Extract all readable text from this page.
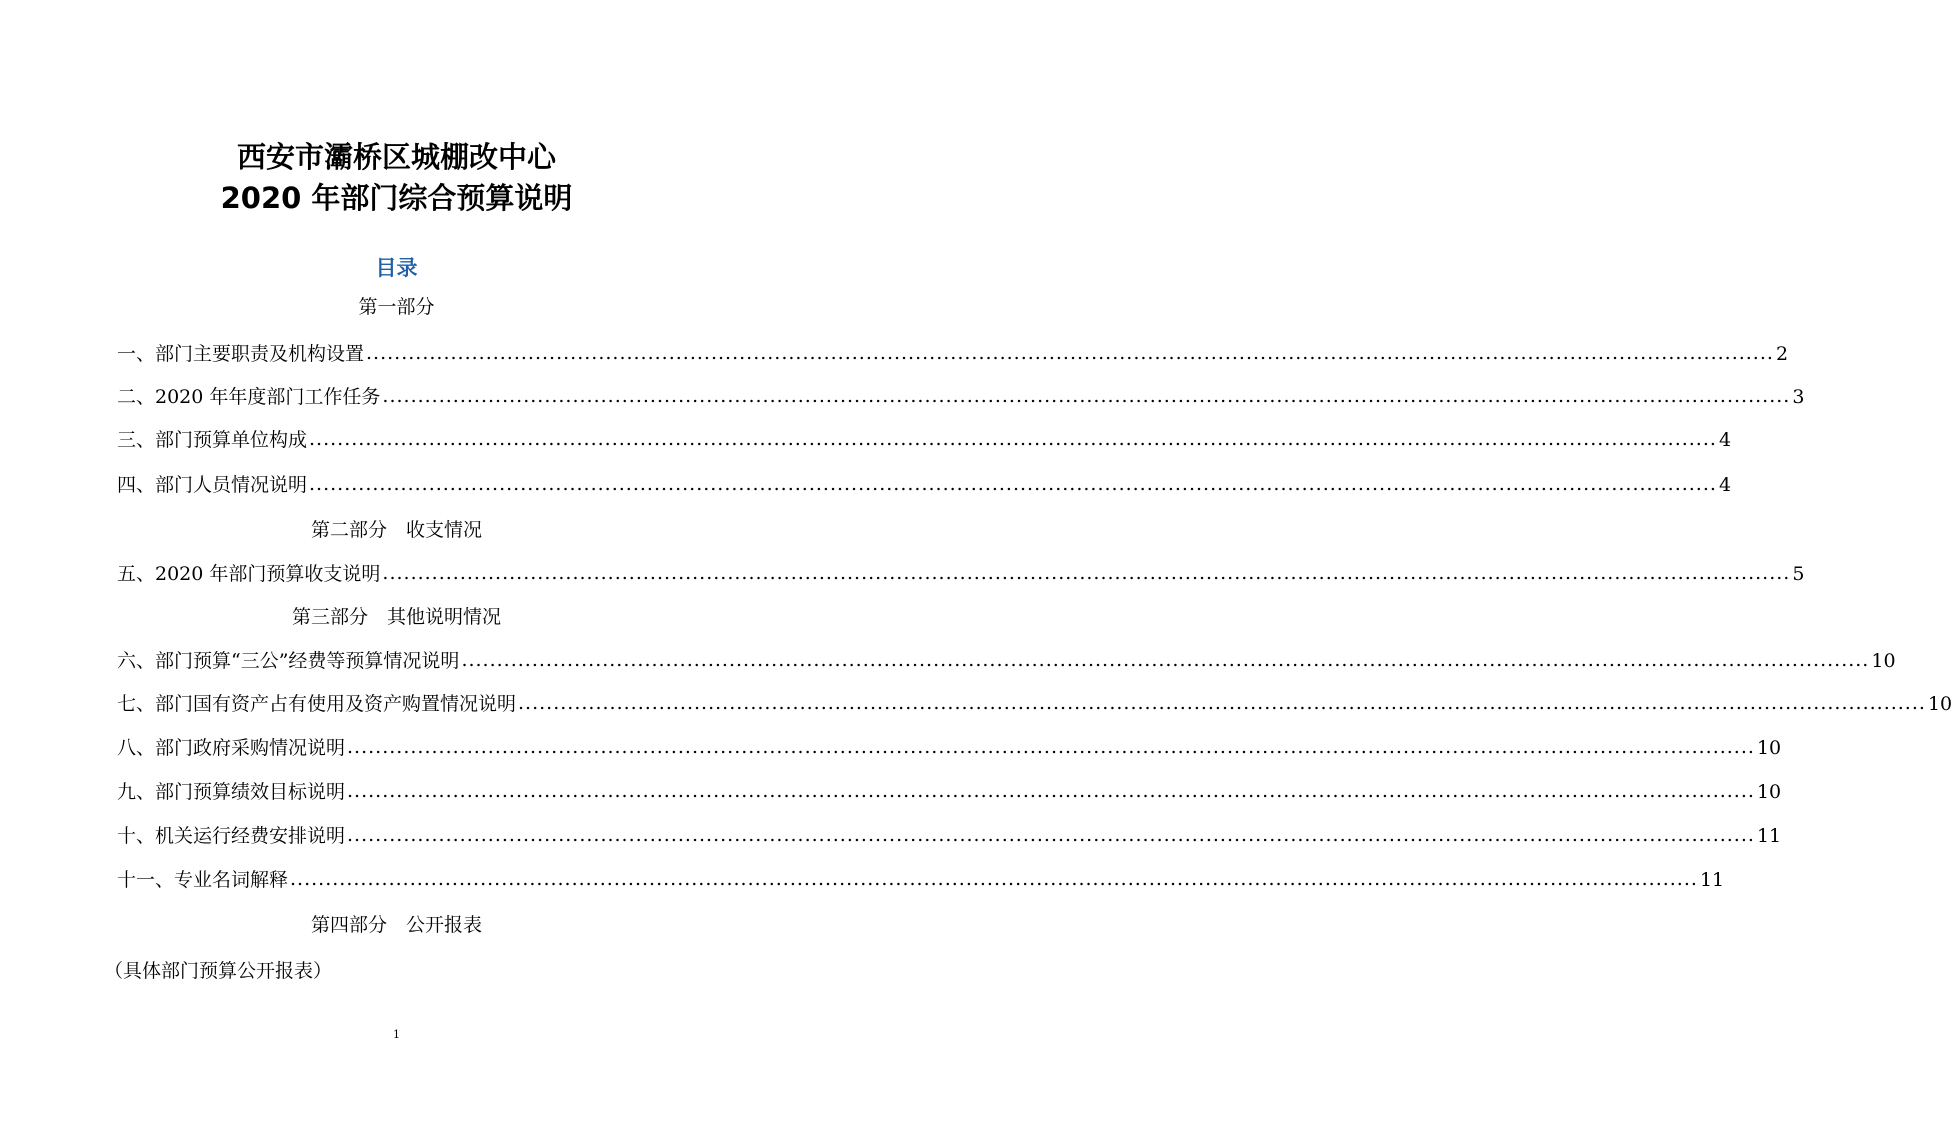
西安市灞桥区城棚改中心
2020 年部门综合预算说明
目录
第一部分
一、部门主要职责及机构设置 ........................................................................................................................................................................................................ 2
二、2020 年年度部门工作任务 ........................................................................................................................................................................................................ 3
三、部门预算单位构成 ........................................................................................................................................................................................................ 4
四、部门人员情况说明 ........................................................................................................................................................................................................ 4
第二部分　收支情况
五、2020 年部门预算收支说明 ........................................................................................................................................................................................................ 5
第三部分　其他说明情况
六、部门预算“三公”经费等预算情况说明 ........................................................................................................................................................................................................ 10
七、部门国有资产占有使用及资产购置情况说明 ........................................................................................................................................................................................................ 10
八、部门政府采购情况说明 ........................................................................................................................................................................................................ 10
九、部门预算绩效目标说明 ........................................................................................................................................................................................................ 10
十、机关运行经费安排说明 ........................................................................................................................................................................................................ 11
十一、专业名词解释 ........................................................................................................................................................................................................ 11
第四部分　公开报表
（具体部门预算公开报表）
1
